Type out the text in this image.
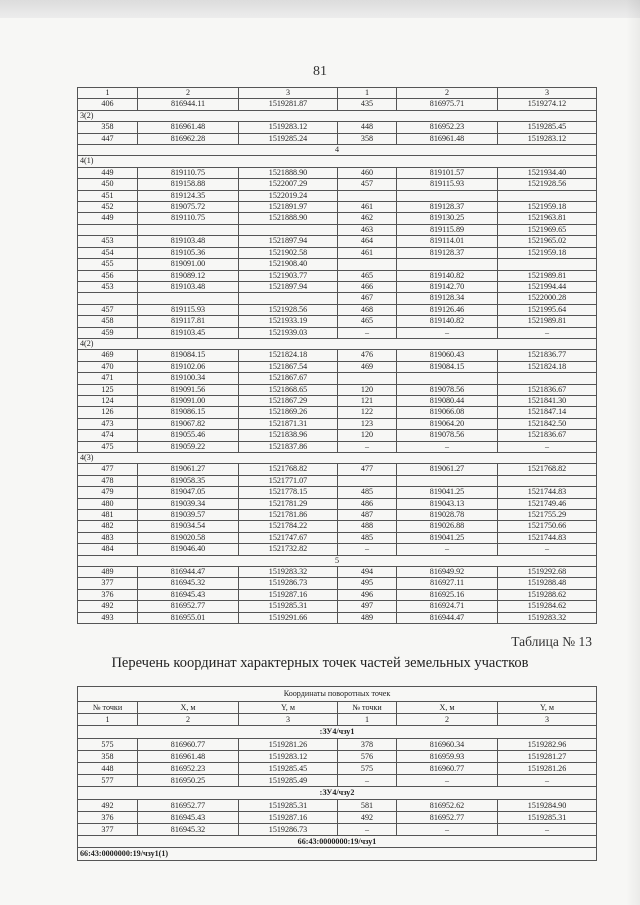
81
1	2	3	1	2	3
406	816944.11	1519281.87	435	816975.71	1519274.12
3(2)					
358	816961.48	1519283.12	448	816952.23	1519285.45
447	816962.28	1519285.24	358	816961.48	1519283.12
4					
4(1)					
449	819110.75	1521888.90	460	819101.57	1521934.40
450	819158.88	1522007.29	457	819115.93	1521928.56
451	819124.35	1522019.24			
452	819075.72	1521891.97	461	819128.37	1521959.18
449	819110.75	1521888.90	462	819130.25	1521963.81
			463	819115.89	1521969.65
453	819103.48	1521897.94	464	819114.01	1521965.02
454	819105.36	1521902.58	461	819128.37	1521959.18
455	819091.00	1521908.40			
456	819089.12	1521903.77	465	819140.82	1521989.81
453	819103.48	1521897.94	466	819142.70	1521994.44
			467	819128.34	1522000.28
457	819115.93	1521928.56	468	819126.46	1521995.64
458	819117.81	1521933.19	465	819140.82	1521989.81
459	819103.45	1521939.03	–	–	–
4(2)					
469	819084.15	1521824.18	476	819060.43	1521836.77
470	819102.06	1521867.54	469	819084.15	1521824.18
471	819100.34	1521867.67			
125	819091.56	1521868.65	120	819078.56	1521836.67
124	819091.00	1521867.29	121	819080.44	1521841.30
126	819086.15	1521869.26	122	819066.08	1521847.14
473	819067.82	1521871.31	123	819064.20	1521842.50
474	819055.46	1521838.96	120	819078.56	1521836.67
475	819059.22	1521837.86	–	–	–
4(3)					
477	819061.27	1521768.82	477	819061.27	1521768.82
478	819058.35	1521771.07			
479	819047.05	1521778.15	485	819041.25	1521744.83
480	819039.34	1521781.29	486	819043.13	1521749.46
481	819039.57	1521781.86	487	819028.78	1521755.29
482	819034.54	1521784.22	488	819026.88	1521750.66
483	819020.58	1521747.67	485	819041.25	1521744.83
484	819046.40	1521732.82	–	–	–
5					
489	816944.47	1519283.32	494	816949.92	1519292.68
377	816945.32	1519286.73	495	816927.11	1519288.48
376	816945.43	1519287.16	496	816925.16	1519288.62
492	816952.77	1519285.31	497	816924.71	1519284.62
493	816955.01	1519291.66	489	816944.47	1519283.32
Таблица № 13
Перечень координат характерных точек частей земельных участков
Координаты поворотных точек					
№ точки	X, м	Y, м	№ точки	X, м	Y, м
1	2	3	1	2	3
:ЗУ4/чзу1					
575	816960.77	1519281.26	378	816960.34	1519282.96
358	816961.48	1519283.12	576	816959.93	1519281.27
448	816952.23	1519285.45	575	816960.77	1519281.26
577	816950.25	1519285.49	–	–	–
:ЗУ4/чзу2					
492	816952.77	1519285.31	581	816952.62	1519284.90
376	816945.43	1519287.16	492	816952.77	1519285.31
377	816945.32	1519286.73	–	–	–
66:43:0000000:19/чзу1					
66:43:0000000:19/чзу1(1)					
